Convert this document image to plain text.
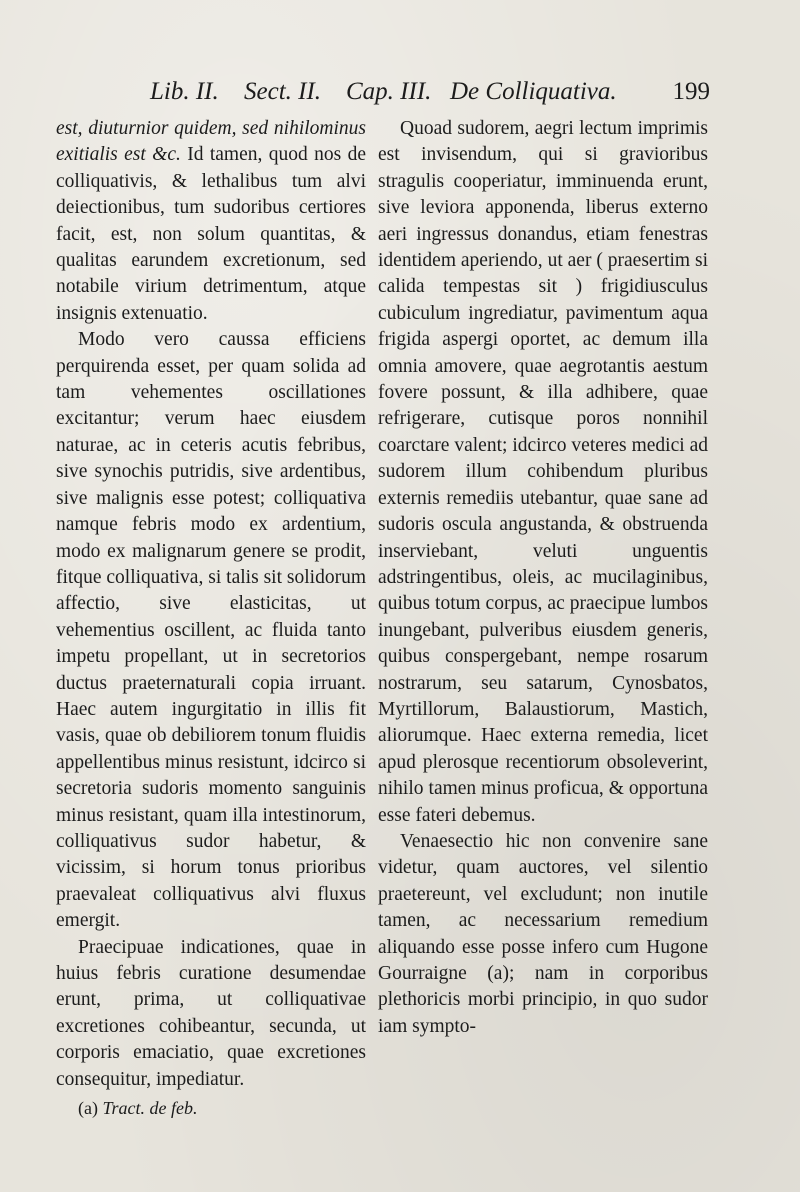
Lib. II. Sect. II. Cap. III. De Colliquativa. 199

est, diuturnior quidem, sed nihilominus exitialis est &c. Id tamen, quod nos de colliquativis, & lethalibus tum alvi deiectionibus, tum sudoribus certiores facit, est, non solum quantitas, & qualitas earundem excretionum, sed notabile virium detrimentum, atque insignis extenuatio.

Modo vero caussa efficiens perquirenda esset, per quam solida ad tam vehementes oscillationes excitantur; verum haec eiusdem naturae, ac in ceteris acutis febribus, sive synochis putridis, sive ardentibus, sive malignis esse potest; colliquativa namque febris modo ex ardentium, modo ex malignarum genere se prodit, fitque colliquativa, si talis sit solidorum affectio, sive elasticitas, ut vehementius oscillent, ac fluida tanto impetu propellant, ut in secretorios ductus praeternaturali copia irruant. Haec autem ingurgitatio in illis fit vasis, quae ob debiliorem tonum fluidis appellentibus minus resistunt, idcirco si secretoria sudoris momento sanguinis minus resistant, quam illa intestinorum, colliquativus sudor habetur, & vicissim, si horum tonus prioribus praevaleat colliquativus alvi fluxus emergit.

Praecipuae indicationes, quae in huius febris curatione desumendae erunt, prima, ut colliquativae excretiones cohibeantur, secunda, ut corporis emaciatio, quae excretiones consequitur, impediatur.

Quoad sudorem, aegri lectum imprimis est invisendum, qui si gravioribus stragulis cooperiatur, imminuenda erunt, sive leviora apponenda, liberus externo aeri ingressus donandus, etiam fenestras identidem aperiendo, ut aer ( praesertim si calida tempestas sit ) frigidiusculus cubiculum ingrediatur, pavimentum aqua frigida aspergi oportet, ac demum illa omnia amovere, quae aegrotantis aestum fovere possunt, & illa adhibere, quae refrigerare, cutisque poros nonnihil coarctare valent; idcirco veteres medici ad sudorem illum cohibendum pluribus externis remediis utebantur, quae sane ad sudoris oscula angustanda, & obstruenda inserviebant, veluti unguentis adstringentibus, oleis, ac mucilaginibus, quibus totum corpus, ac praecipue lumbos inungebant, pulveribus eiusdem generis, quibus conspergebant, nempe rosarum nostrarum, seu satarum, Cynosbatos, Myrtillorum, Balaustiorum, Mastich, aliorumque. Haec externa remedia, licet apud plerosque recentiorum obsoleverint, nihilo tamen minus proficua, & opportuna esse fateri debemus.

Venaesectio hic non convenire sane videtur, quam auctores, vel silentio praetereunt, vel excludunt; non inutile tamen, ac necessarium remedium aliquando esse posse infero cum Hugone Gourraigne (a); nam in corporibus plethoricis morbi principio, in quo sudor iam sympto-

(a) Tract. de feb.
